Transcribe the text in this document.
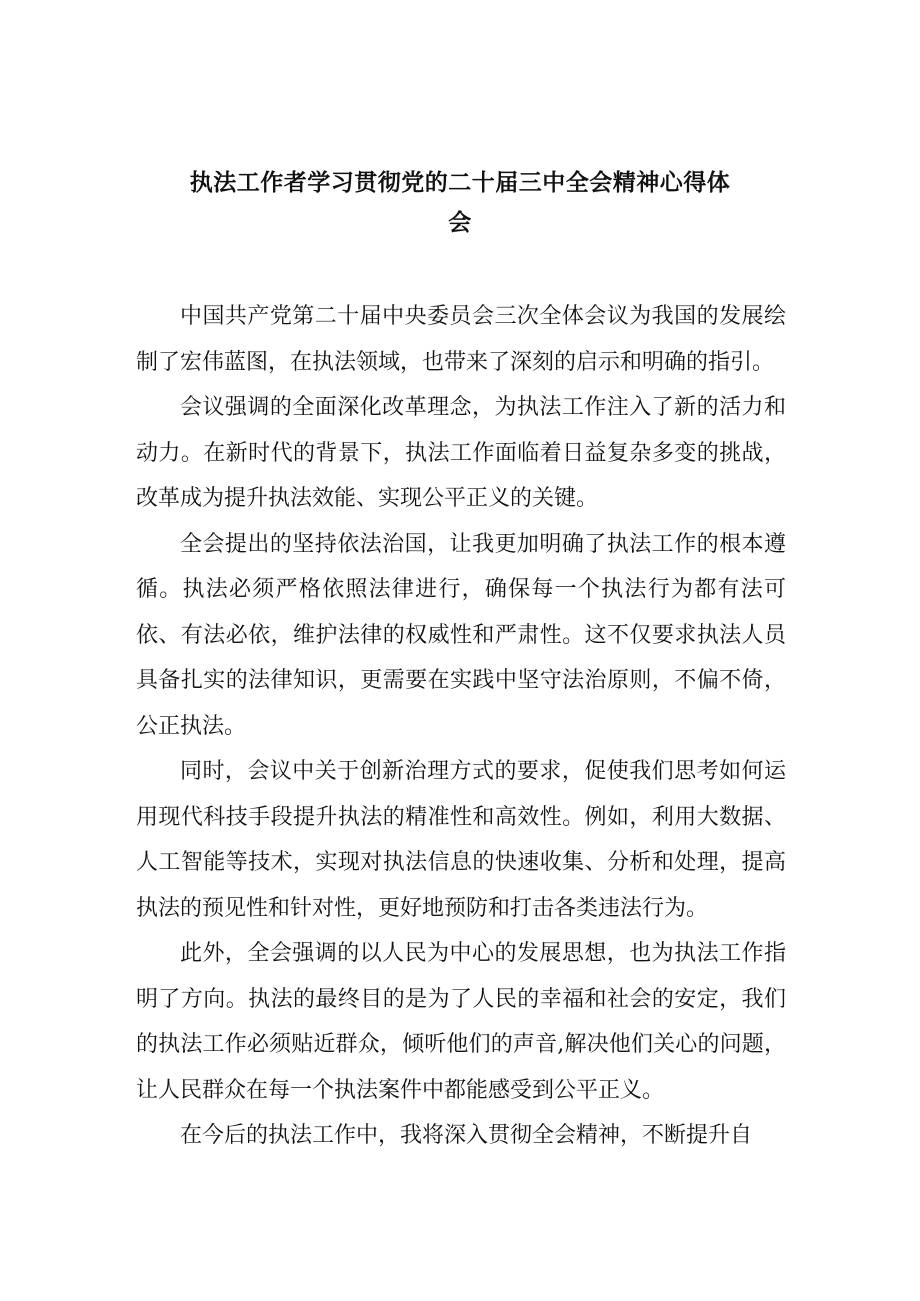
执法工作者学习贯彻党的二十届三中全会精神心得体
会

中国共产党第二十届中央委员会三次全体会议为我国的发展绘制了宏伟蓝图，在执法领域，也带来了深刻的启示和明确的指引。

会议强调的全面深化改革理念，为执法工作注入了新的活力和动力。在新时代的背景下，执法工作面临着日益复杂多变的挑战，改革成为提升执法效能、实现公平正义的关键。

全会提出的坚持依法治国，让我更加明确了执法工作的根本遵循。执法必须严格依照法律进行，确保每一个执法行为都有法可依、有法必依，维护法律的权威性和严肃性。这不仅要求执法人员具备扎实的法律知识，更需要在实践中坚守法治原则，不偏不倚，公正执法。

同时，会议中关于创新治理方式的要求，促使我们思考如何运用现代科技手段提升执法的精准性和高效性。例如，利用大数据、人工智能等技术，实现对执法信息的快速收集、分析和处理，提高执法的预见性和针对性，更好地预防和打击各类违法行为。

此外，全会强调的以人民为中心的发展思想，也为执法工作指明了方向。执法的最终目的是为了人民的幸福和社会的安定，我们的执法工作必须贴近群众，倾听他们的声音,解决他们关心的问题，让人民群众在每一个执法案件中都能感受到公平正义。

在今后的执法工作中，我将深入贯彻全会精神，不断提升自
